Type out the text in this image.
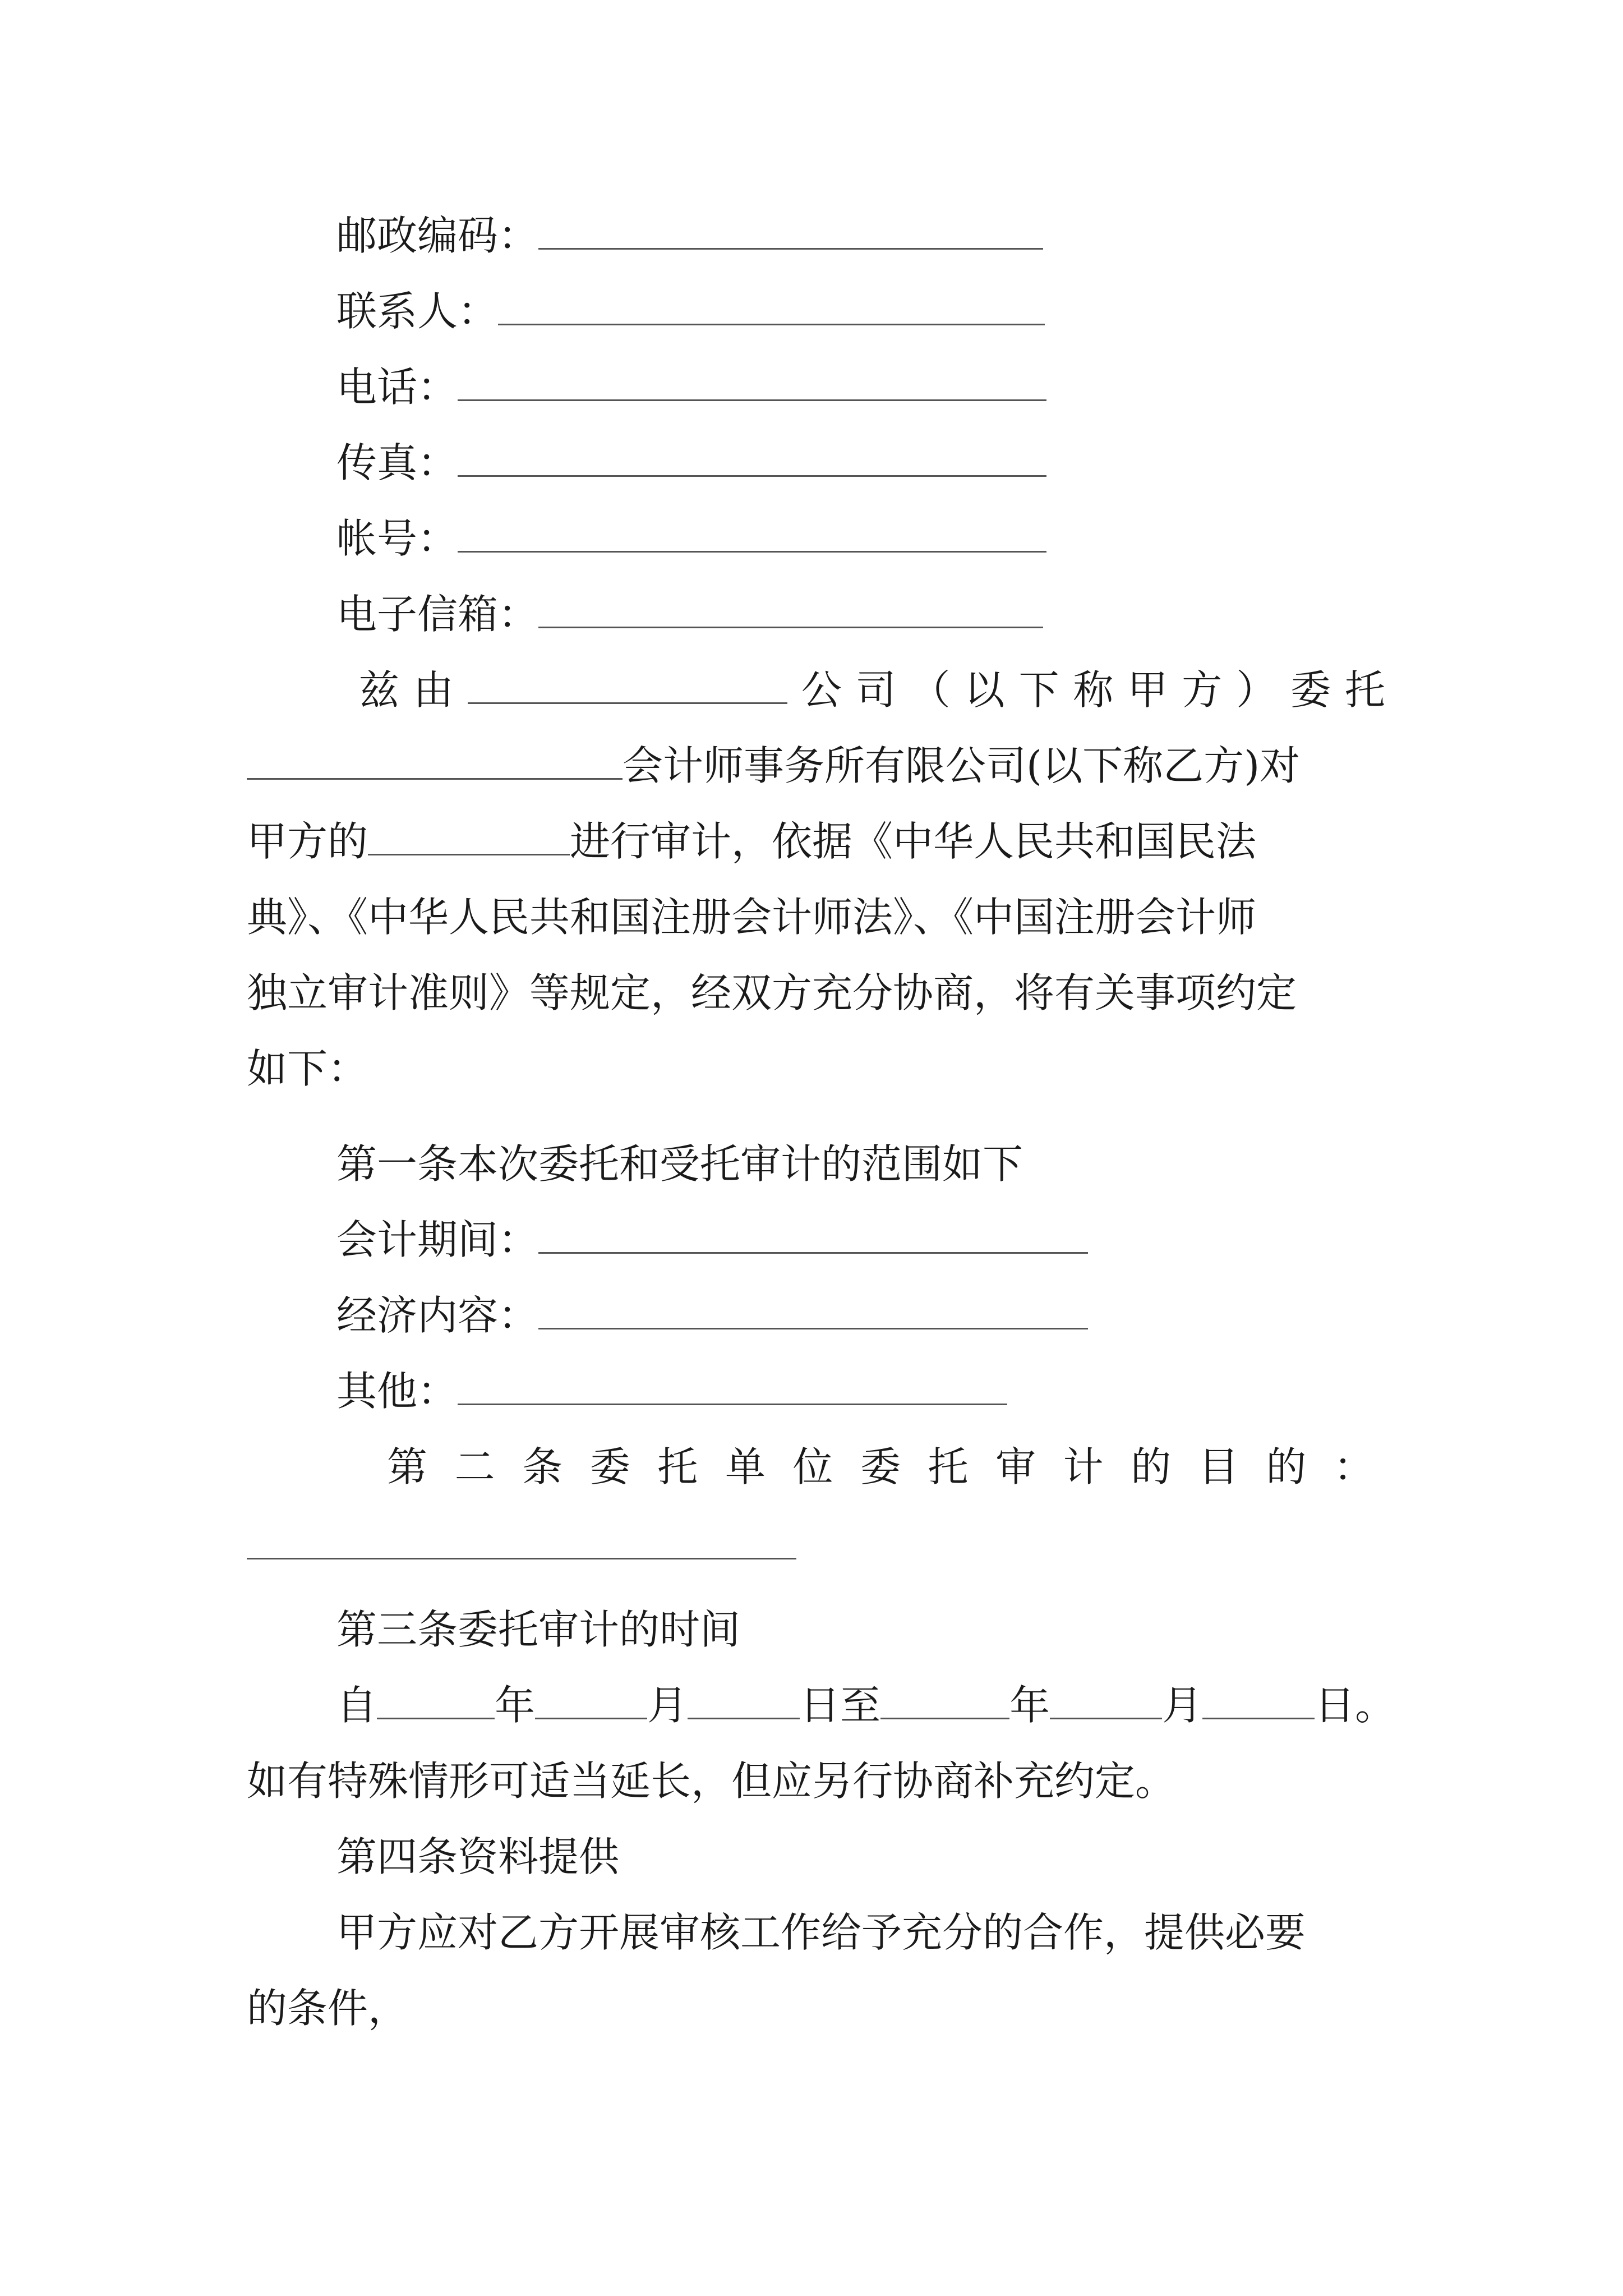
邮政编码：
联系人：
电话：
传真：
帐号：
电子信箱：
兹 由	公 司 （ 以 下 称 甲 方 ） 委 托
会计师事务所有限公司(以下称乙方)对
甲方的	进行审计，依据《中华人民共和国民法
典》、《中华人民共和国注册会计师法》、《中国注册会计师
独立审计准则》等规定，经双方充分协商，将有关事项约定
如下：
第一条本次委托和受托审计的范围如下
会计期间：
经济内容：
其他：
第 二 条 委 托 单 位 委 托 审 计 的 目 的 ：
第三条委托审计的时间
自	年	月	日至	年	月	日。
如有特殊情形可适当延长，但应另行协商补充约定。
第四条资料提供
甲方应对乙方开展审核工作给予充分的合作，提供必要
的条件，
